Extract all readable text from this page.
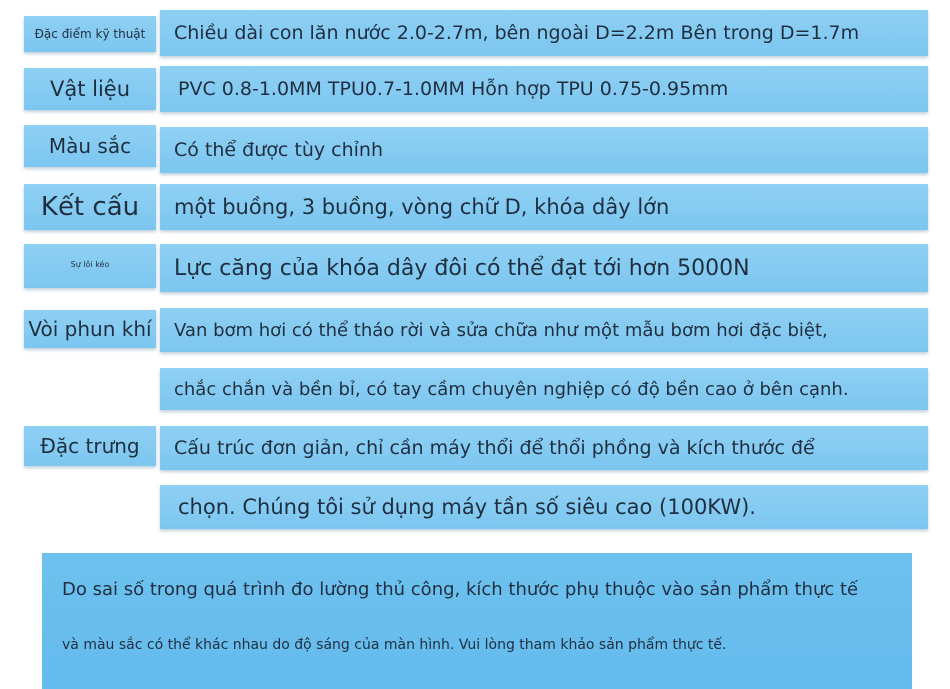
Đặc điểm kỹ thuật	Chiều dài con lăn nước 2.0-2.7m, bên ngoài D=2.2m Bên trong D=1.7m
Vật liệu	PVC 0.8-1.0MM TPU0.7-1.0MM Hỗn hợp TPU 0.75-0.95mm
Màu sắc	Có thể được tùy chỉnh
Kết cấu	một buồng, 3 buồng, vòng chữ D, khóa dây lớn
Sự lôi kéo	Lực căng của khóa dây đôi có thể đạt tới hơn 5000N
Vòi phun khí	Van bơm hơi có thể tháo rời và sửa chữa như một mẫu bơm hơi đặc biệt,
chắc chắn và bền bỉ, có tay cầm chuyên nghiệp có độ bền cao ở bên cạnh.
Đặc trưng	Cấu trúc đơn giản, chỉ cần máy thổi để thổi phồng và kích thước để
chọn. Chúng tôi sử dụng máy tần số siêu cao (100KW).
Do sai số trong quá trình đo lường thủ công, kích thước phụ thuộc vào sản phẩm thực tế
và màu sắc có thể khác nhau do độ sáng của màn hình. Vui lòng tham khảo sản phẩm thực tế.
